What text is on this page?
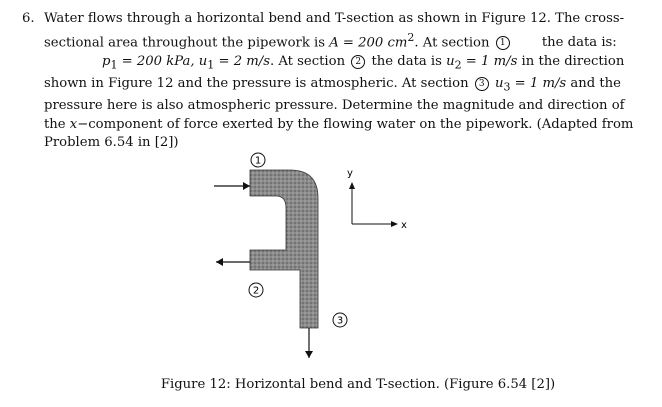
6. Water flows through a horizontal bend and T-section as shown in Figure 12. The cross-
sectional area throughout the pipework is A = 200 $cm^2$. At section 1 the data is:
$p_1 = 200$ kPa, $u_1 = 2$ m/s. At section 2 the data is $u_2 = 1$ m/s in the direction
shown in Figure 12 and the pressure is atmospheric. At section 3 $u_3 = 1$ m/s and the
pressure here is also atmospheric pressure. Determine the magnitude and direction of
the x−component of force exerted by the flowing water on the pipework. (Adapted from
Problem 6.54 in [2])
1
2
3
y
x
Figure 12: Horizontal bend and T-section. (Figure 6.54 [2])
